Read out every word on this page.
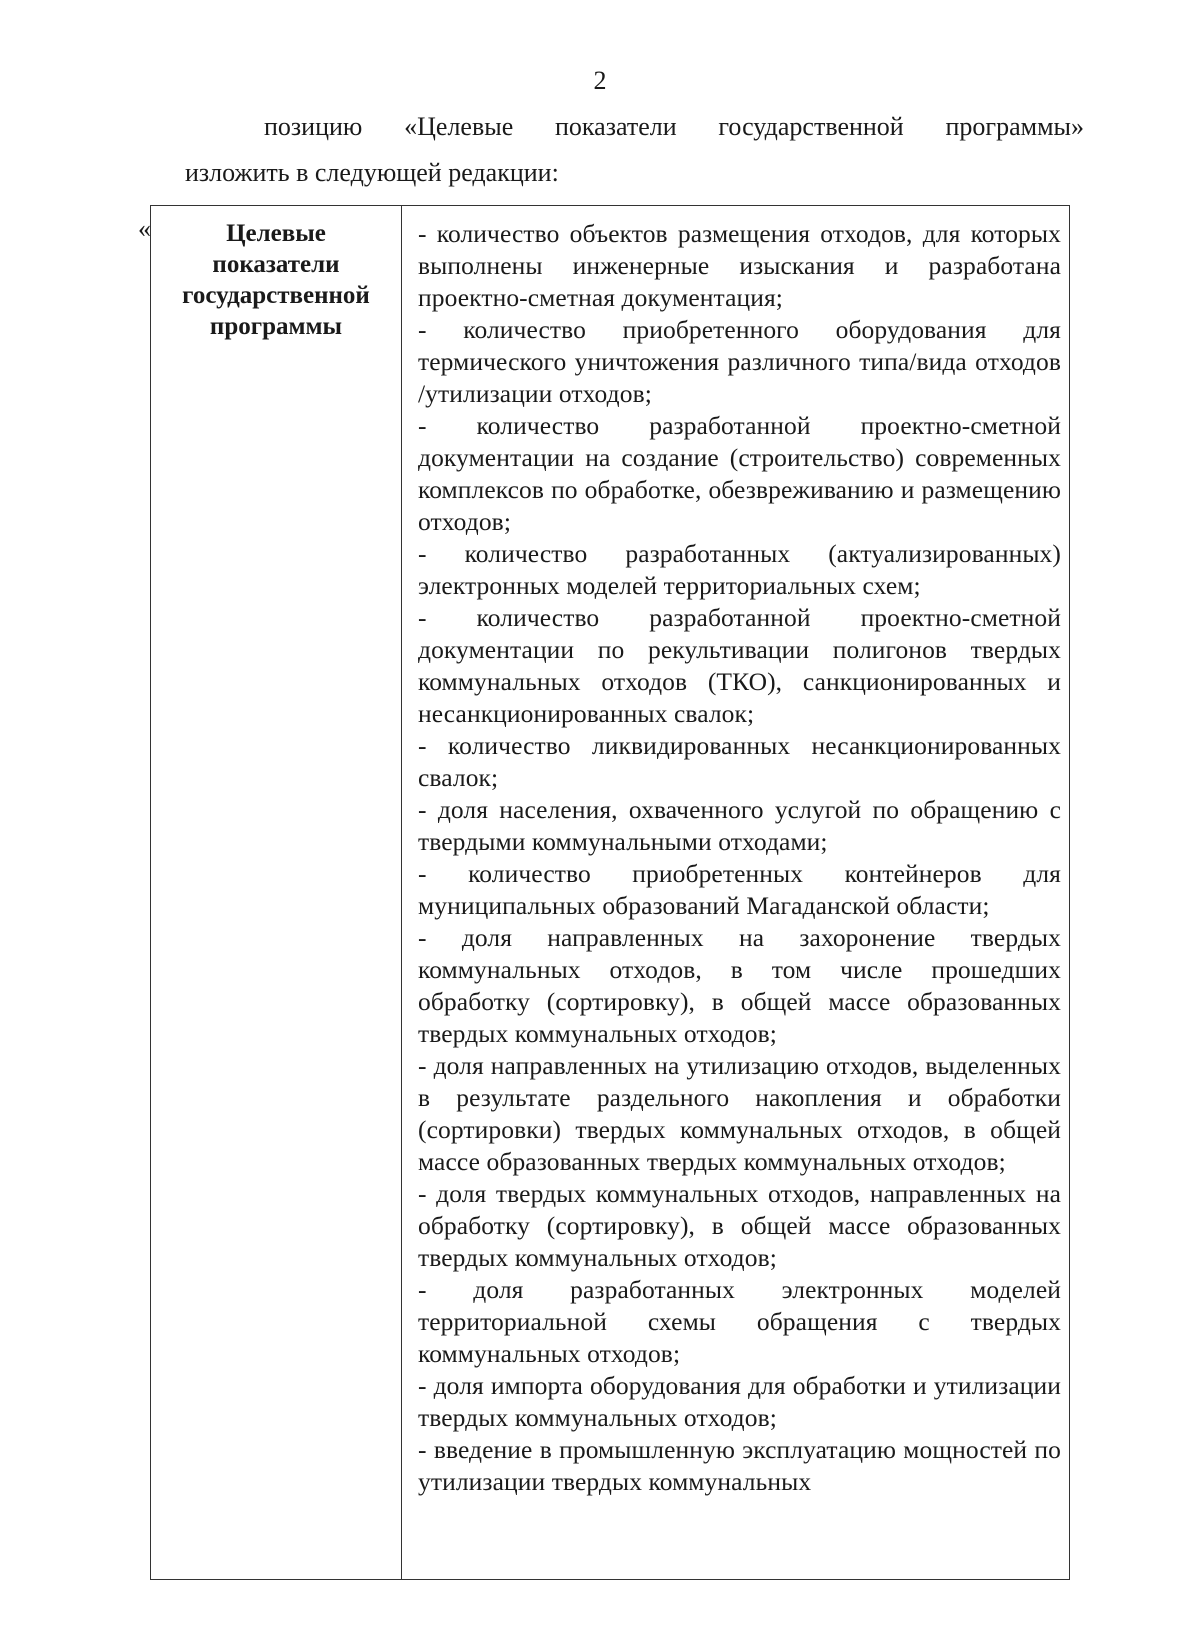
2
позицию «Целевые показатели государственной программы»
изложить в следующей редакции:
«	Целевые
показатели
государственной
программы
- количество объектов размещения отходов, для которых выполнены инженерные изыскания и разработана проектно-сметная документация;
- количество приобретенного оборудования для термического уничтожения различного типа/вида отходов /утилизации отходов;
- количество разработанной проектно-сметной документации на создание (строительство) современных комплексов по обработке, обезвреживанию и размещению отходов;
- количество разработанных (актуализированных) электронных моделей территориальных схем;
- количество разработанной проектно-сметной документации по рекультивации полигонов твердых коммунальных отходов (ТКО), санкционированных и несанкционированных свалок;
- количество ликвидированных несанкционированных свалок;
- доля населения, охваченного услугой по обращению с твердыми коммунальными отходами;
- количество приобретенных контейнеров для муниципальных образований Магаданской области;
- доля направленных на захоронение твердых коммунальных отходов, в том числе прошедших обработку (сортировку), в общей массе образованных твердых коммунальных отходов;
- доля направленных на утилизацию отходов, выделенных в результате раздельного накопления и обработки (сортировки) твердых коммунальных отходов, в общей массе образованных твердых коммунальных отходов;
- доля твердых коммунальных отходов, направленных на обработку (сортировку), в общей массе образованных твердых коммунальных отходов;
- доля разработанных электронных моделей территориальной схемы обращения с твердых коммунальных отходов;
- доля импорта оборудования для обработки и утилизации твердых коммунальных отходов;
- введение в промышленную эксплуатацию мощностей по утилизации твердых коммунальных
